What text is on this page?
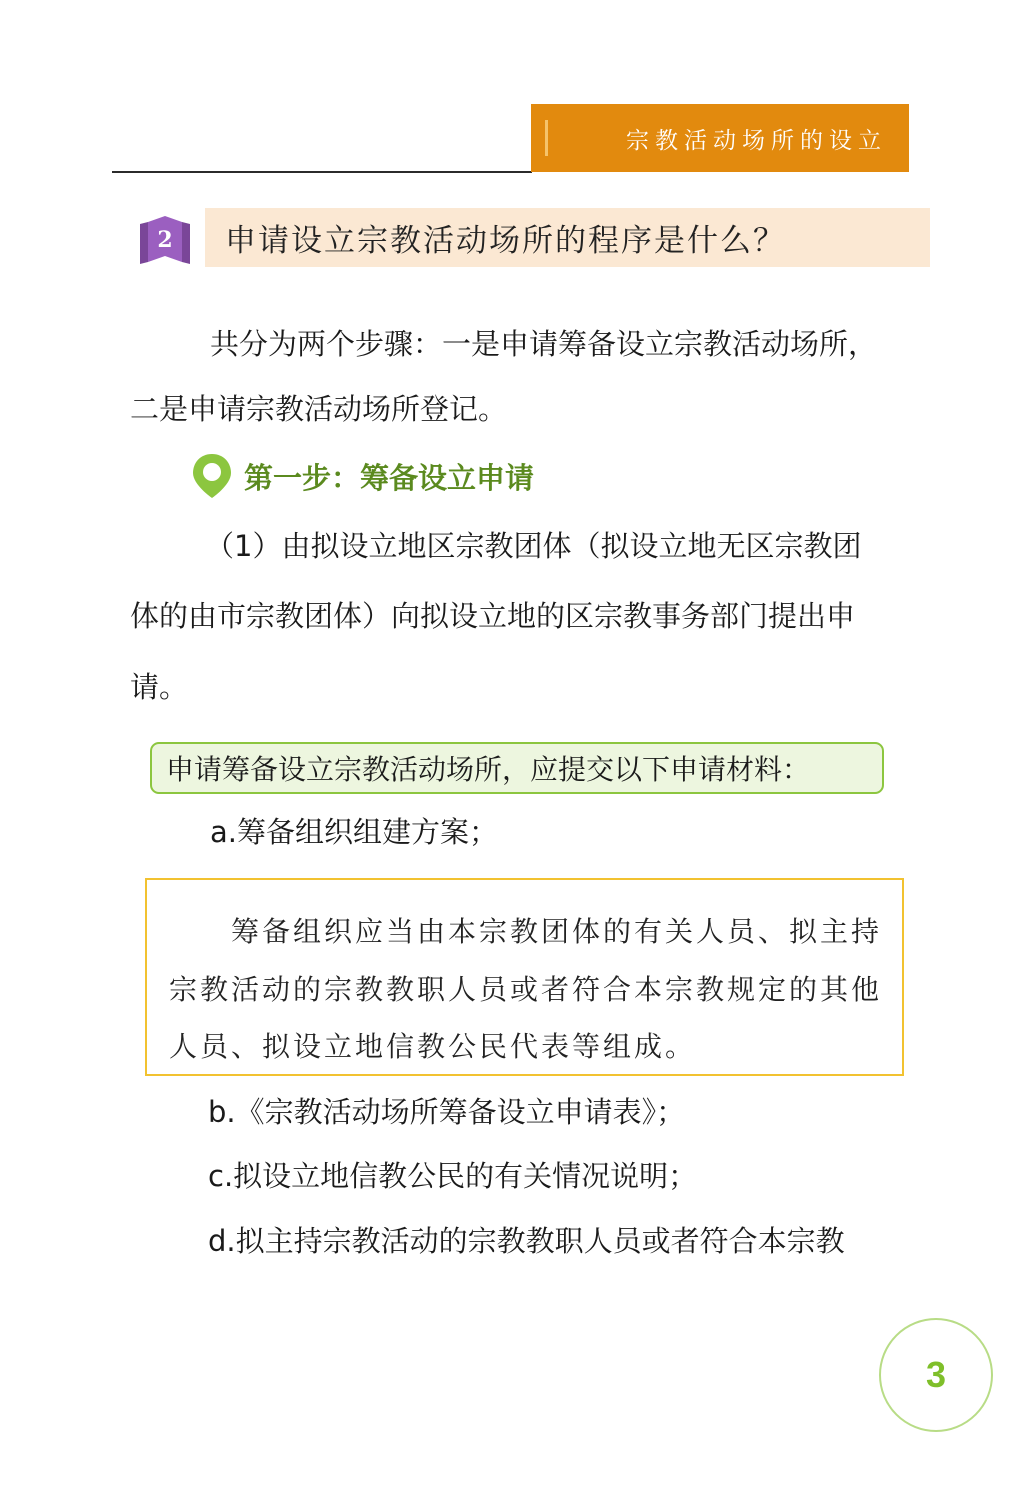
宗教活动场所的设立
2 申请设立宗教活动场所的程序是什么？
共分为两个步骤：一是申请筹备设立宗教活动场所，
二是申请宗教活动场所登记。
第一步：筹备设立申请
（1）由拟设立地区宗教团体（拟设立地无区宗教团
体的由市宗教团体）向拟设立地的区宗教事务部门提出申
请。
申请筹备设立宗教活动场所，应提交以下申请材料：
a.筹备组织组建方案；
筹备组织应当由本宗教团体的有关人员、拟主持
宗教活动的宗教教职人员或者符合本宗教规定的其他
人员、拟设立地信教公民代表等组成。
b.《宗教活动场所筹备设立申请表》；
c.拟设立地信教公民的有关情况说明；
d.拟主持宗教活动的宗教教职人员或者符合本宗教
3
